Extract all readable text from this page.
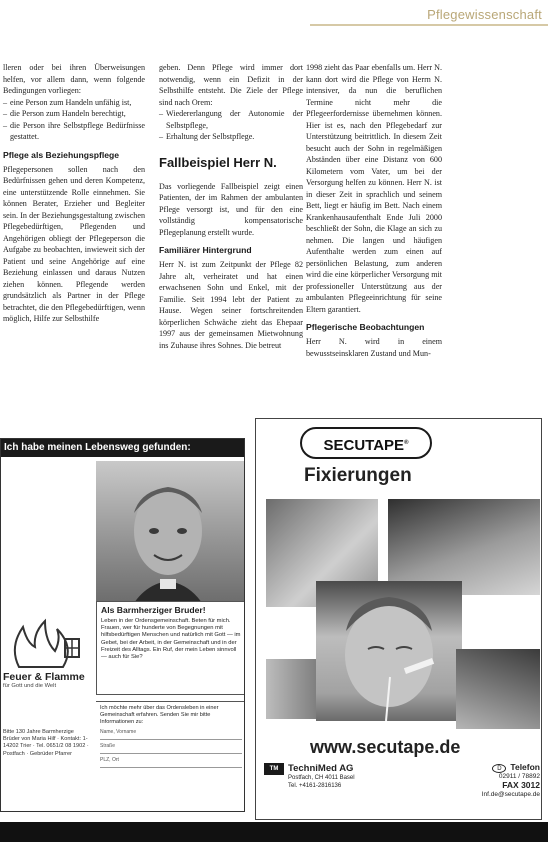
Pflegewissenschaft

lleren oder bei ihren Überweisungen helfen, vor allem dann, wenn folgende Bedingungen vorliegen:

– eine Person zum Handeln unfähig ist,
– die Person zum Handeln berechtigt,
– die Person ihre Selbstpflege Bedürfnisse gestattet.
Pflege als Beziehungspflege

Pflegepersonen sollen nach den Bedürfnissen gehen und deren Kompetenz, eine unterstützende Rolle einnehmen. Sie können Berater, Erzieher und Begleiter sein. In der Beziehungsgestaltung zwischen Pflegebedürftigen, Pflegenden und Angehörigen obliegt der Pflegeperson die Aufgabe zu beobachten, inwieweit sich der Patient und seine Angehörige auf eine Beziehung einlassen und daraus Nutzen ziehen können. Pflegende werden grundsätzlich als Partner in der Pflege betrachtet, die den Pflegebedürftigen, wenn möglich, Hilfe zur Selbsthilfe

geben. Denn Pflege wird immer dort notwendig, wenn ein Defizit in der Selbsthilfe entsteht. Die Ziele der Pflege sind nach Orem:

– Wiedererlangung der Autonomie der Selbstpflege,
– Erhaltung der Selbstpflege.
Fallbeispiel Herr N.

Das vorliegende Fallbeispiel zeigt einen Patienten, der im Rahmen der ambulanten Pflege versorgt ist, und für den eine vollständig kompensatorische Pflegeplanung erstellt wurde.

Familiärer Hintergrund

Herr N. ist zum Zeitpunkt der Pflege 82 Jahre alt, verheiratet und hat einen erwachsenen Sohn und Enkel, mit der Familie. Seit 1994 lebt der Patient zu Hause. Wegen seiner fortschreitenden körperlichen Schwäche zieht das Ehepaar 1997 aus der gemeinsamen Mietwohnung ins Zuhause ihres Sohnes. Die betreut

1998 zieht das Paar ebenfalls um. Herr N. kann dort wird die Pflege von Herrn N. intensiver, da nun die beruflichen Termine nicht mehr die Pflegeerfordernisse übernehmen können. Hier ist es, nach den Pflegebedarf zur Unterstützung beitrittlich. In diesem Zeit besucht auch der Sohn in regelmäßigen Abständen über eine Distanz von 600 Kilometern vom Vater, um bei der Versorgung helfen zu können. Herr N. ist in dieser Zeit in sprachlich und seinem Bett, liegt er häufig im Bett. Nach einem Krankenhausaufenthalt Ende Juli 2000 beschließt der Sohn, die Klage an sich zu nehmen. Die langen und häufigen Aufenthalte werden zum einen auf persönlichen Belastung, zum anderen wird die eine körperlicher Versorgung mit professioneller Unterstützung aus der ambulanten Pflegeeinrichtung für seine Eltern garantiert.

Pflegerische Beobachtungen

Herr N. wird in einem bewusstseinsklaren Zustand und Mun-

Ich habe meinen Lebensweg gefunden:
Als Barmherziger Bruder!

Leben in der Ordensgemeinschaft. Beten für mich. Frauen, wer für hunderte von Begegnungen mit hilfsbedürftigen Menschen und natürlich mit Gott — im Gebet, bei der Arbeit, in der Gemeinschaft und in der Freizeit des Alltags. Ein Ruf, der mein Leben sinnvoll — auch für Sie?

Feuer & Flamme
für Gott und die Welt
Bitte 130 Jahre Barmherzige Brüder von Maria Hilf · Kontakt: 1-14202 Trier · Tel. 0651/2 08 1902 · Postfach · Gebrüder Pfarrer

Ich möchte mehr über das Ordensleben in einer Gemeinschaft erfahren. Senden Sie mir bitte Informationen zu:

Name, Vorname
Straße
PLZ, Ort
SECUTAPE®
Fixierungen
www.secutape.de
TM TechniMed AG
Postfach, CH 4011 Basel
Tel. +4161-2816136
D Telefon
02911 / 78892
FAX 3012
Inf.de@secutape.de
